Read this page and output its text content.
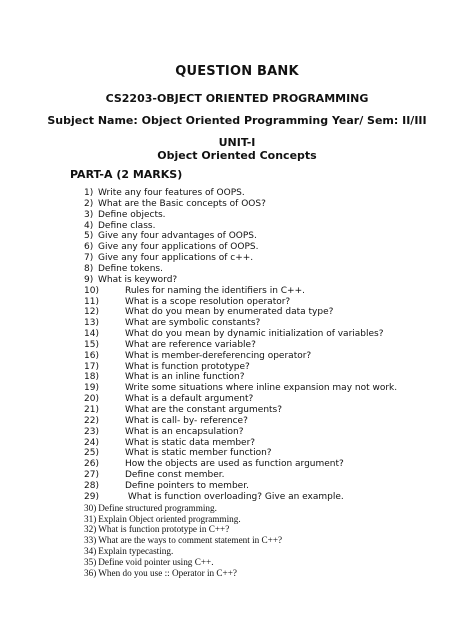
QUESTION BANK
CS2203-OBJECT ORIENTED PROGRAMMING
Subject Name: Object Oriented Programming Year/ Sem: II/III
UNIT-I
Object Oriented Concepts
PART-A (2 MARKS)
1) Write any four features of OOPS.
2) What are the Basic concepts of OOS?
3) Define objects.
4) Define class.
5) Give any four advantages of OOPS.
6) Give any four applications of OOPS.
7) Give any four applications of c++.
8) Define tokens.
9) What is keyword?
10)	Rules for naming the identifiers in C++.
11)	What is a scope resolution operator?
12)	What do you mean by enumerated data type?
13)	What are symbolic constants?
14)	What do you mean by dynamic initialization of variables?
15)	What are reference variable?
16)	What is member-dereferencing operator?
17)	What is function prototype?
18)	What is an inline function?
19)	Write some situations where inline expansion may not work.
20)	What is a default argument?
21)	What are the constant arguments?
22)	What is call- by- reference?
23)	What is an encapsulation?
24)	What is static data member?
25)	What is static member function?
26)	How the objects are used as function argument?
27)	Define const member.
28)	Define pointers to member.
29)	What is function overloading? Give an example.
30) Define structured programming.
31) Explain Object oriented programming.
32) What is function prototype in C++?
33) What are the ways to comment statement in C++?
34) Explain typecasting.
35) Define void pointer using C++.
36) When do you use :: Operator in C++?
